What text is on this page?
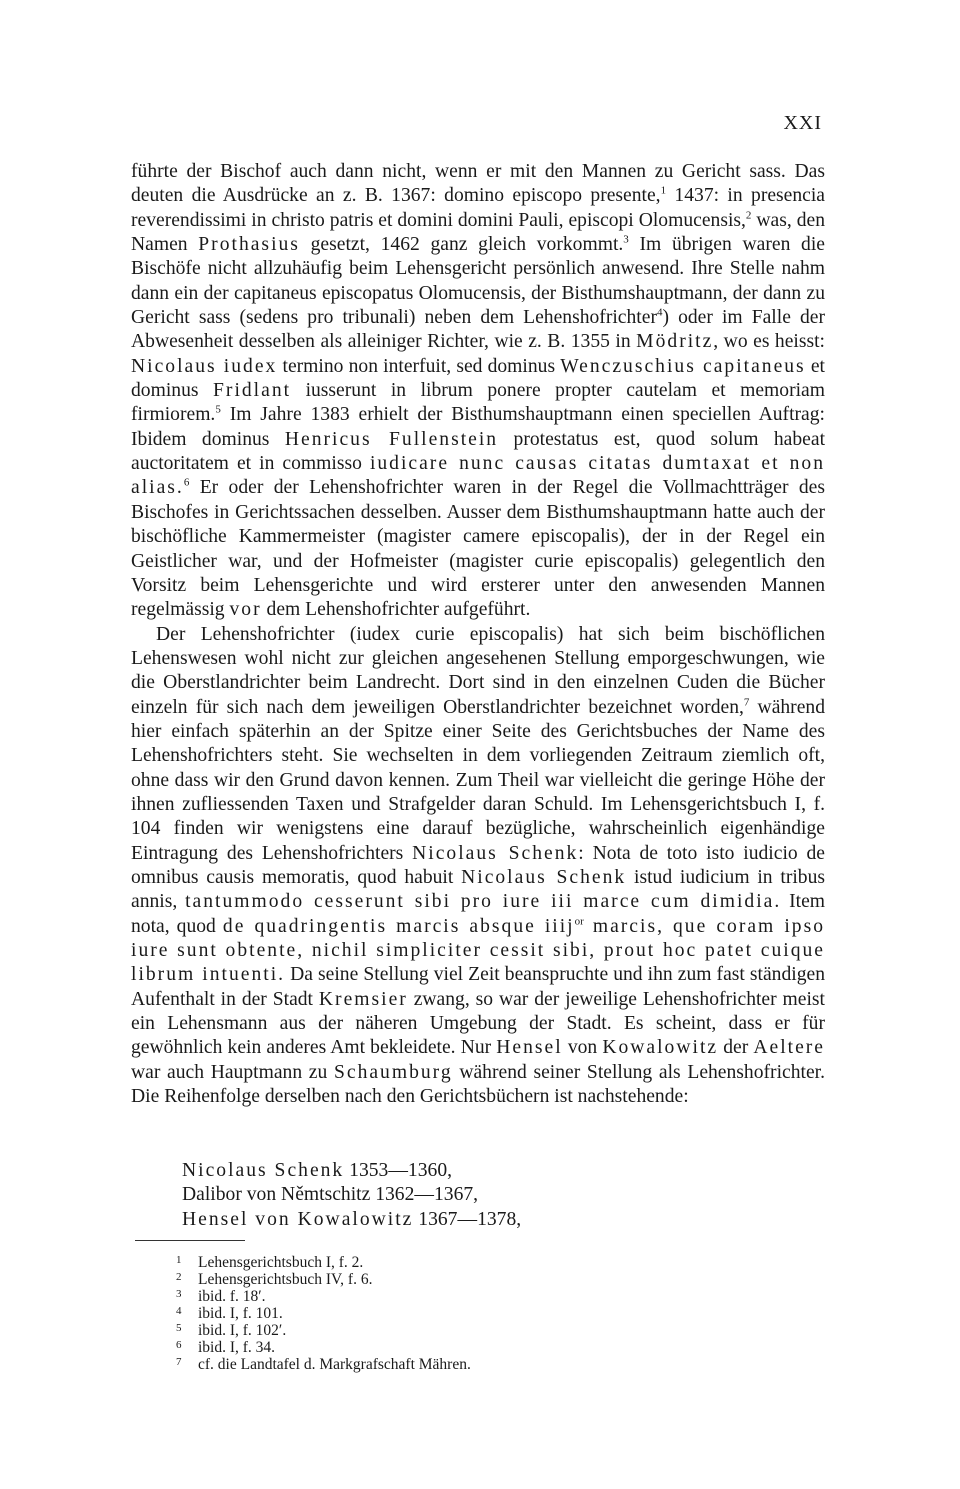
XXI

führte der Bischof auch dann nicht, wenn er mit den Mannen zu Gericht sass. Das deuten die Ausdrücke an z. B. 1367: domino episcopo presente,$^1$ 1437: in presencia reverendissimi in christo patris et domini domini Pauli, episcopi Olomucensis,$^2$ was, den Namen Prothasius gesetzt, 1462 ganz gleich vorkommt.$^3$ Im übrigen waren die Bischöfe nicht allzuhäufig beim Lehensgericht persönlich anwesend. Ihre Stelle nahm dann ein der capitaneus episcopatus Olomucensis, der Bisthumshauptmann, der dann zu Gericht sass (sedens pro tribunali) neben dem Lehenshofrichter$^4$) oder im Falle der Abwesenheit desselben als alleiniger Richter, wie z. B. 1355 in Mödritz, wo es heisst: Nicolaus iudex termino non interfuit, sed dominus Wenczuschius capitaneus et dominus Fridlant iusserunt in librum ponere propter cautelam et memoriam firmiorem.$^5$ Im Jahre 1383 erhielt der Bisthumshauptmann einen speciellen Auftrag: Ibidem dominus Henricus Fullenstein protestatus est, quod solum habeat auctoritatem et in commisso iudicare nunc causas citatas dumtaxat et non alias.$^6$ Er oder der Lehenshofrichter waren in der Regel die Vollmachtträger des Bischofes in Gerichtssachen desselben. Ausser dem Bisthumshauptmann hatte auch der bischöfliche Kammermeister (magister camere episcopalis), der in der Regel ein Geistlicher war, und der Hofmeister (magister curie episcopalis) gelegentlich den Vorsitz beim Lehensgerichte und wird ersterer unter den anwesenden Mannen regelmässig vor dem Lehenshofrichter aufgeführt.

Der Lehenshofrichter (iudex curie episcopalis) hat sich beim bischöflichen Lehenswesen wohl nicht zur gleichen angesehenen Stellung emporgeschwungen, wie die Oberstlandrichter beim Landrecht. Dort sind in den einzelnen Cuden die Bücher einzeln für sich nach dem jeweiligen Oberstlandrichter bezeichnet worden,$^7$ während hier einfach späterhin an der Spitze einer Seite des Gerichtsbuches der Name des Lehenshofrichters steht. Sie wechselten in dem vorliegenden Zeitraum ziemlich oft, ohne dass wir den Grund davon kennen. Zum Theil war vielleicht die geringe Höhe der ihnen zufliessenden Taxen und Strafgelder daran Schuld. Im Lehensgerichtsbuch I, f. 104 finden wir wenigstens eine darauf bezügliche, wahrscheinlich eigenhändige Eintragung des Lehenshofrichters Nicolaus Schenk: Nota de toto isto iudicio de omnibus causis memoratis, quod habuit Nicolaus Schenk istud iudicium in tribus annis, tantummodo cesserunt sibi pro iure iii marce cum dimidia. Item nota, quod de quadringentis marcis absque iiij$^{or}$ marcis, que coram ipso iure sunt obtente, nichil simpliciter cessit sibi, prout hoc patet cuique librum intuenti. Da seine Stellung viel Zeit beanspruchte und ihn zum fast ständigen Aufenthalt in der Stadt Kremsier zwang, so war der jeweilige Lehenshofrichter meist ein Lehensmann aus der näheren Umgebung der Stadt. Es scheint, dass er für gewöhnlich kein anderes Amt bekleidete. Nur Hensel von Kowalowitz der Aeltere war auch Hauptmann zu Schaumburg während seiner Stellung als Lehenshofrichter. Die Reihenfolge derselben nach den Gerichtsbüchern ist nachstehende:

Nicolaus Schenk 1353—1360,
Dalibor von Němtschitz 1362—1367,
Hensel von Kowalowitz 1367—1378,
1 Lehensgerichtsbuch I, f. 2.
2 Lehensgerichtsbuch IV, f. 6.
3 ibid. f. 18′.
4 ibid. I, f. 101.
5 ibid. I, f. 102′.
6 ibid. I, f. 34.
7 cf. die Landtafel d. Markgrafschaft Mähren.
